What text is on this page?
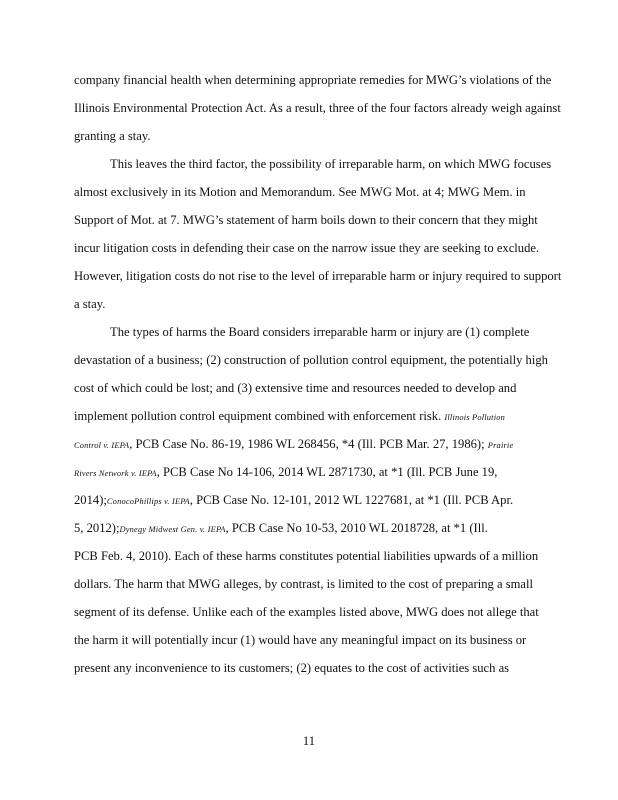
company financial health when determining appropriate remedies for MWG’s violations of the
Illinois Environmental Protection Act. As a result, three of the four factors already weigh against
granting a stay.
This leaves the third factor, the possibility of irreparable harm, on which MWG focuses
almost exclusively in its Motion and Memorandum. See MWG Mot. at 4; MWG Mem. in
Support of Mot. at 7. MWG’s statement of harm boils down to their concern that they might
incur litigation costs in defending their case on the narrow issue they are seeking to exclude.
However, litigation costs do not rise to the level of irreparable harm or injury required to support
a stay.
The types of harms the Board considers irreparable harm or injury are (1) complete
devastation of a business; (2) construction of pollution control equipment, the potentially high
cost of which could be lost; and (3) extensive time and resources needed to develop and
implement pollution control equipment combined with enforcement risk. Illinois Pollution
Control v. IEPA, PCB Case No. 86-19, 1986 WL 268456, *4 (Ill. PCB Mar. 27, 1986); Prairie
Rivers Network v. IEPA, PCB Case No 14-106, 2014 WL 2871730, at *1 (Ill. PCB June 19,
2014);ConocoPhillips v. IEPA, PCB Case No. 12-101, 2012 WL 1227681, at *1 (Ill. PCB Apr.
5, 2012);Dynegy Midwest Gen. v. IEPA, PCB Case No 10-53, 2010 WL 2018728, at *1 (Ill.
PCB Feb. 4, 2010). Each of these harms constitutes potential liabilities upwards of a million
dollars. The harm that MWG alleges, by contrast, is limited to the cost of preparing a small
segment of its defense. Unlike each of the examples listed above, MWG does not allege that
the harm it will potentially incur (1) would have any meaningful impact on its business or
present any inconvenience to its customers; (2) equates to the cost of activities such as
11
